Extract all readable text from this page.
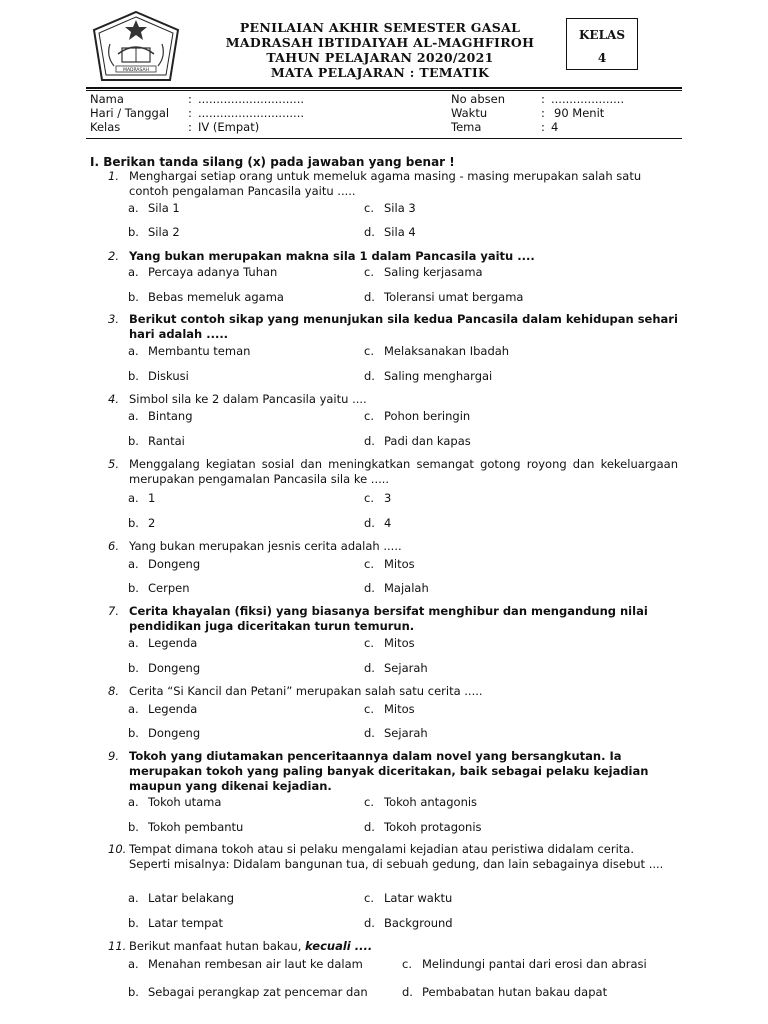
MADRASAH
PENILAIAN AKHIR SEMESTER GASAL
MADRASAH IBTIDAIYAH AL-MAGHFIROH
TAHUN PELAJARAN 2020/2021
MATA PELAJARAN : TEMATIK
KELAS
4
Nama	: .............................
Hari / Tanggal : .............................
Kelas	: IV (Empat)
No absen	: ....................
Waktu	: 90 Menit
Tema	: 4
I. Berikan tanda silang (x) pada jawaban yang benar !
1. Menghargai setiap orang untuk memeluk agama masing - masing merupakan salah satu contoh pengalaman Pancasila yaitu .....
a. Sila 1	c. Sila 3
b. Sila 2	d. Sila 4
2. Yang bukan merupakan makna sila 1 dalam Pancasila yaitu ....
a. Percaya adanya Tuhan	c. Saling kerjasama
b. Bebas memeluk agama	d. Toleransi umat bergama
3. Berikut contoh sikap yang menunjukan sila kedua Pancasila dalam kehidupan sehari hari adalah .....
a. Membantu teman	c. Melaksanakan Ibadah
b. Diskusi	d. Saling menghargai
4. Simbol sila ke 2 dalam Pancasila yaitu ....
a. Bintang	c. Pohon beringin
b. Rantai	d. Padi dan kapas
5. Menggalang kegiatan sosial dan meningkatkan semangat gotong royong dan kekeluargaan merupakan pengamalan Pancasila sila ke .....
a. 1	c. 3
b. 2	d. 4
6. Yang bukan merupakan jesnis cerita adalah .....
a. Dongeng	c. Mitos
b. Cerpen	d. Majalah
7. Cerita khayalan (fiksi) yang biasanya bersifat menghibur dan mengandung nilai pendidikan juga diceritakan turun temurun.
a. Legenda	c. Mitos
b. Dongeng	d. Sejarah
8. Cerita “Si Kancil dan Petani” merupakan salah satu cerita .....
a. Legenda	c. Mitos
b. Dongeng	d. Sejarah
9. Tokoh yang diutamakan penceritaannya dalam novel yang bersangkutan. Ia merupakan tokoh yang paling banyak diceritakan, baik sebagai pelaku kejadian maupun yang dikenai kejadian.
a. Tokoh utama	c. Tokoh antagonis
b. Tokoh pembantu	d. Tokoh protagonis
10. Tempat dimana tokoh atau si pelaku mengalami kejadian atau peristiwa didalam cerita. Seperti misalnya: Didalam bangunan tua, di sebuah gedung, dan lain sebagainya disebut ....
a. Latar belakang	c. Latar waktu
b. Latar tempat	d. Background
11. Berikut manfaat hutan bakau, kecuali ....
a. Menahan rembesan air laut ke dalam	c. Melindungi pantai dari erosi dan abrasi
b. Sebagai perangkap zat pencemar dan	d. Pembabatan hutan bakau dapat
